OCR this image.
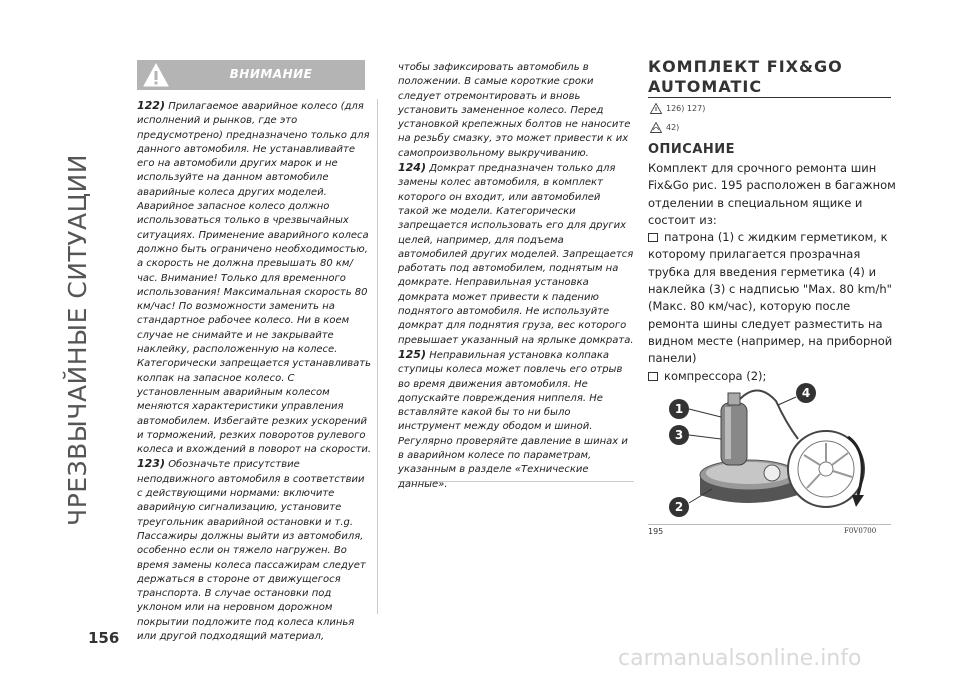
ЧРЕЗВЫЧАЙНЫЕ СИТУАЦИИ
156
ВНИМАНИЕ

122) Прилагаемое аварийное колесо (для исполнений и рынков, где это предусмотрено) предназначено только для данного автомобиля. Не устанавливайте его на автомобили других марок и не используйте на данном автомобиле аварийные колеса других моделей. Аварийное запасное колесо должно использоваться только в чрезвычайных ситуациях. Применение аварийного колеса должно быть ограничено необходимостью, а скорость не должна превышать 80 км/час. Внимание! Только для временного использования! Максимальная скорость 80 км/час! По возможности заменить на стандартное рабочее колесо. Ни в коем случае не снимайте и не закрывайте наклейку, расположенную на колесе. Категорически запрещается устанавливать колпак на запасное колесо. С установленным аварийным колесом меняются характеристики управления автомобилем. Избегайте резких ускорений и торможений, резких поворотов рулевого колеса и вхождений в поворот на скорости.

123) Обозначьте присутствие неподвижного автомобиля в соответствии с действующими нормами: включите аварийную сигнализацию, установите треугольник аварийной остановки и т.g. Пассажиры должны выйти из автомобиля, особенно если он тяжело нагружен. Во время замены колеса пассажирам следует держаться в стороне от движущегося транспорта. В случае остановки под уклоном или на неровном дорожном покрытии подложите под колеса клинья или другой подходящий материал,

чтобы зафиксировать автомобиль в положении. В самые короткие сроки следует отремонтировать и вновь установить замененное колесо. Перед установкой крепежных болтов не наносите на резьбу смазку, это может привести к их самопроизвольному выкручиванию.

124) Домкрат предназначен только для замены колес автомобиля, в комплект которого он входит, или автомобилей такой же модели. Категорически запрещается использовать его для других целей, например, для подъема автомобилей других моделей. Запрещается работать под автомобилем, поднятым на домкрате. Неправильная установка домкрата может привести к падению поднятого автомобиля. Не используйте домкрат для поднятия груза, вес которого превышает указанный на ярлыке домкрата.

125) Неправильная установка колпака ступицы колеса может повлечь его отрыв во время движения автомобиля. Не допускайте повреждения ниппеля. Не вставляйте какой бы то ни было инструмент между ободом и шиной. Регулярно проверяйте давление в шинах и в аварийном колесе по параметрам, указанным в разделе «Технические данные».

КОМПЛЕКТ FIX&GO AUTOMATIC
126) 127)
42)
ОПИСАНИЕ

Комплект для срочного ремонта шин Fix&Go рис. 195 расположен в багажном отделении в специальном ящике и состоит из:

патрона (1) с жидким герметиком, к которому прилагается прозрачная трубка для введения герметика (4) и наклейка (3) с надписью "Max. 80 km/h" (Макс. 80 км/час), которую после ремонта шины следует разместить на видном месте (например, на приборной панели)

компрессора (2);

1
3
2
4
195	F0V0700
carmanualsonline.info
